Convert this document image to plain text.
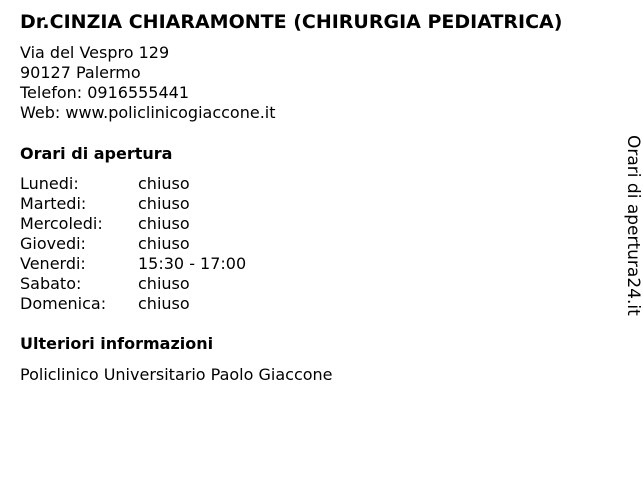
Dr.CINZIA CHIARAMONTE (CHIRURGIA PEDIATRICA)
Via del Vespro 129
90127 Palermo
Telefon: 0916555441
Web: www.policlinicogiaccone.it
Orari di apertura
Lunedi:	chiuso
Martedi:	chiuso
Mercoledi:	chiuso
Giovedi:	chiuso
Venerdi:	15:30 - 17:00
Sabato:	chiuso
Domenica:	chiuso
Ulteriori informazioni
Policlinico Universitario Paolo Giaccone
Orari di apertura24.it
